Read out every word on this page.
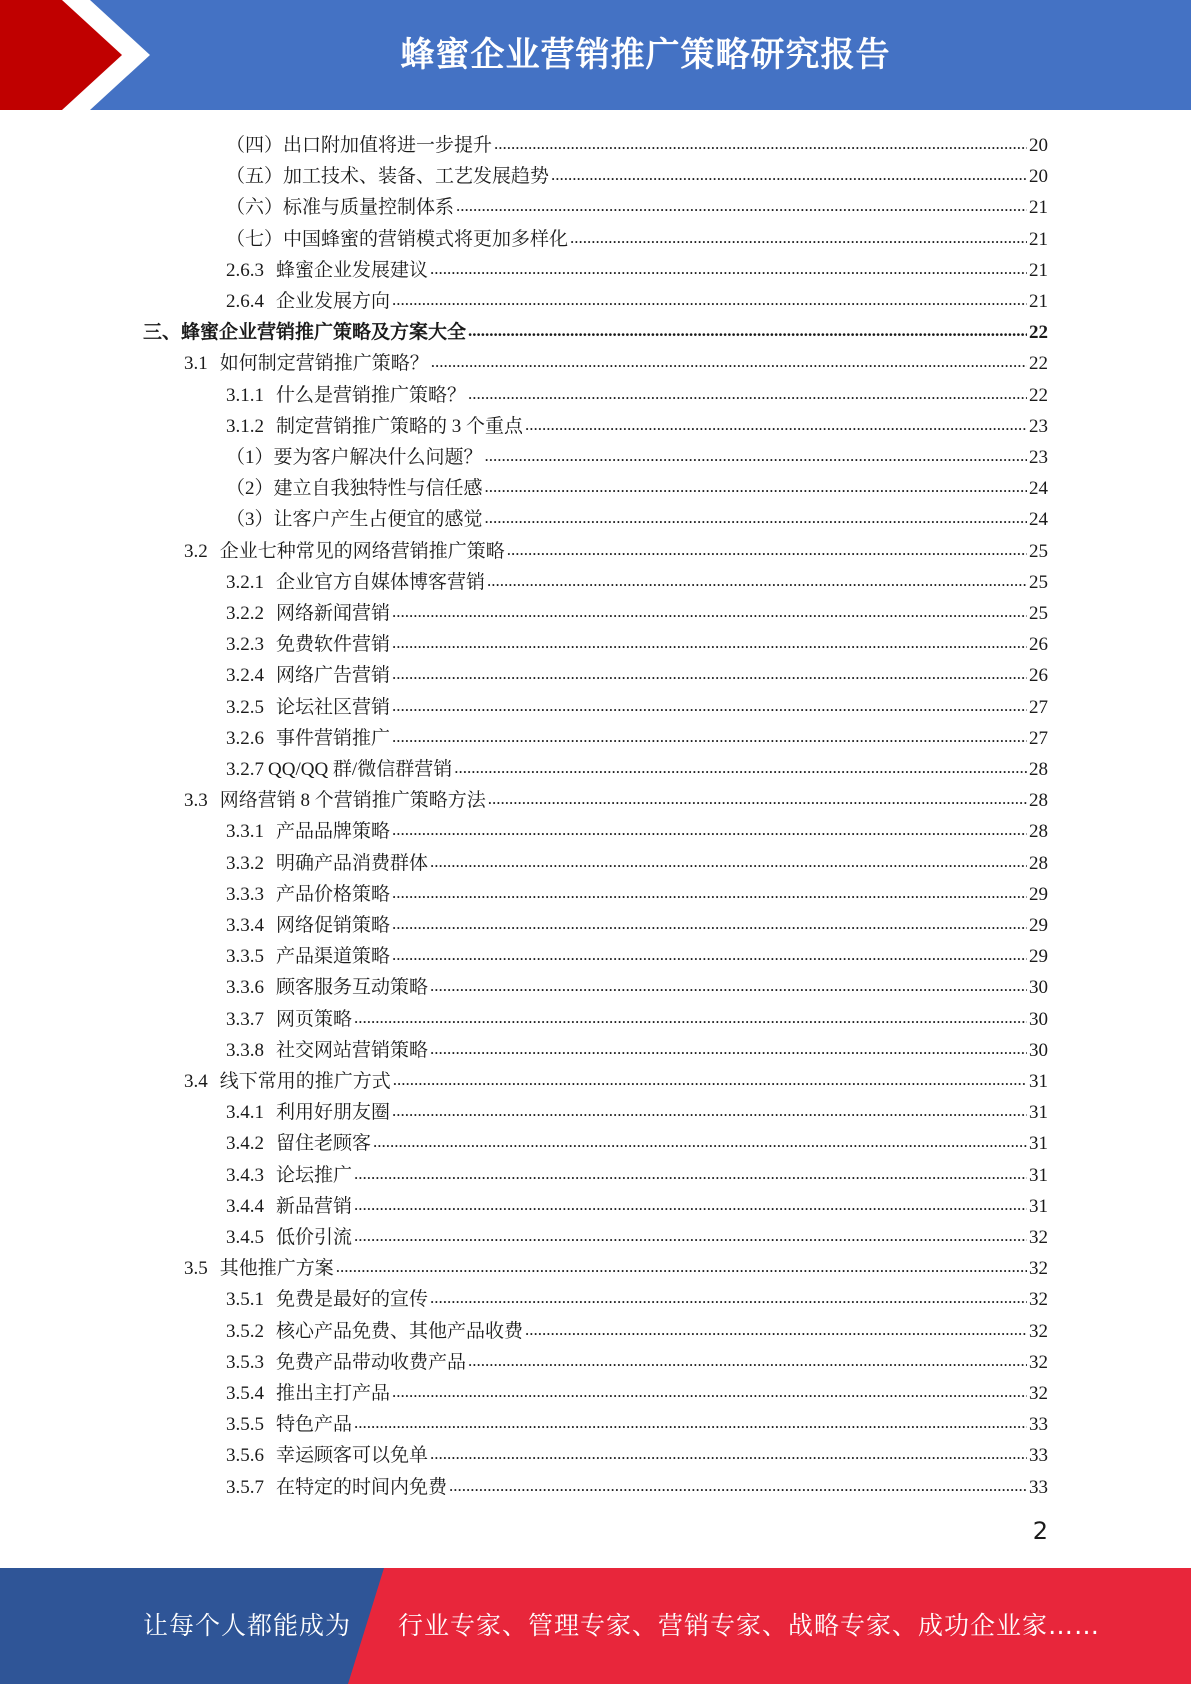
蜂蜜企业营销推广策略研究报告
（四）出口附加值将进一步提升 .....	20
（五）加工技术、装备、工艺发展趋势 .....	20
（六）标准与质量控制体系 .....	21
（七）中国蜂蜜的营销模式将更加多样化 .....	21
2.6.3 蜂蜜企业发展建议 .....	21
2.6.4 企业发展方向 .....	21
三、蜂蜜企业营销推广策略及方案大全 .....	22
3.1 如何制定营销推广策略？ .....	22
3.1.1 什么是营销推广策略？ .....	22
3.1.2 制定营销推广策略的 3 个重点 .....	23
（1）要为客户解决什么问题？ .....	23
（2）建立自我独特性与信任感 .....	24
（3）让客户产生占便宜的感觉 .....	24
3.2 企业七种常见的网络营销推广策略 .....	25
3.2.1 企业官方自媒体博客营销 .....	25
3.2.2 网络新闻营销 .....	25
3.2.3 免费软件营销 .....	26
3.2.4 网络广告营销 .....	26
3.2.5 论坛社区营销 .....	27
3.2.6 事件营销推广 .....	27
3.2.7 QQ/QQ 群/微信群营销 .....	28
3.3 网络营销 8 个营销推广策略方法 .....	28
3.3.1 产品品牌策略 .....	28
3.3.2 明确产品消费群体 .....	28
3.3.3 产品价格策略 .....	29
3.3.4 网络促销策略 .....	29
3.3.5 产品渠道策略 .....	29
3.3.6 顾客服务互动策略 .....	30
3.3.7 网页策略 .....	30
3.3.8 社交网站营销策略 .....	30
3.4 线下常用的推广方式 .....	31
3.4.1 利用好朋友圈 .....	31
3.4.2 留住老顾客 .....	31
3.4.3 论坛推广 .....	31
3.4.4 新品营销 .....	31
3.4.5 低价引流 .....	32
3.5 其他推广方案 .....	32
3.5.1 免费是最好的宣传 .....	32
3.5.2 核心产品免费、其他产品收费 .....	32
3.5.3 免费产品带动收费产品 .....	32
3.5.4 推出主打产品 .....	32
3.5.5 特色产品 .....	33
3.5.6 幸运顾客可以免单 .....	33
3.5.7 在特定的时间内免费 .....	33
2
让每个人都能成为 行业专家、管理专家、营销专家、战略专家、成功企业家……
